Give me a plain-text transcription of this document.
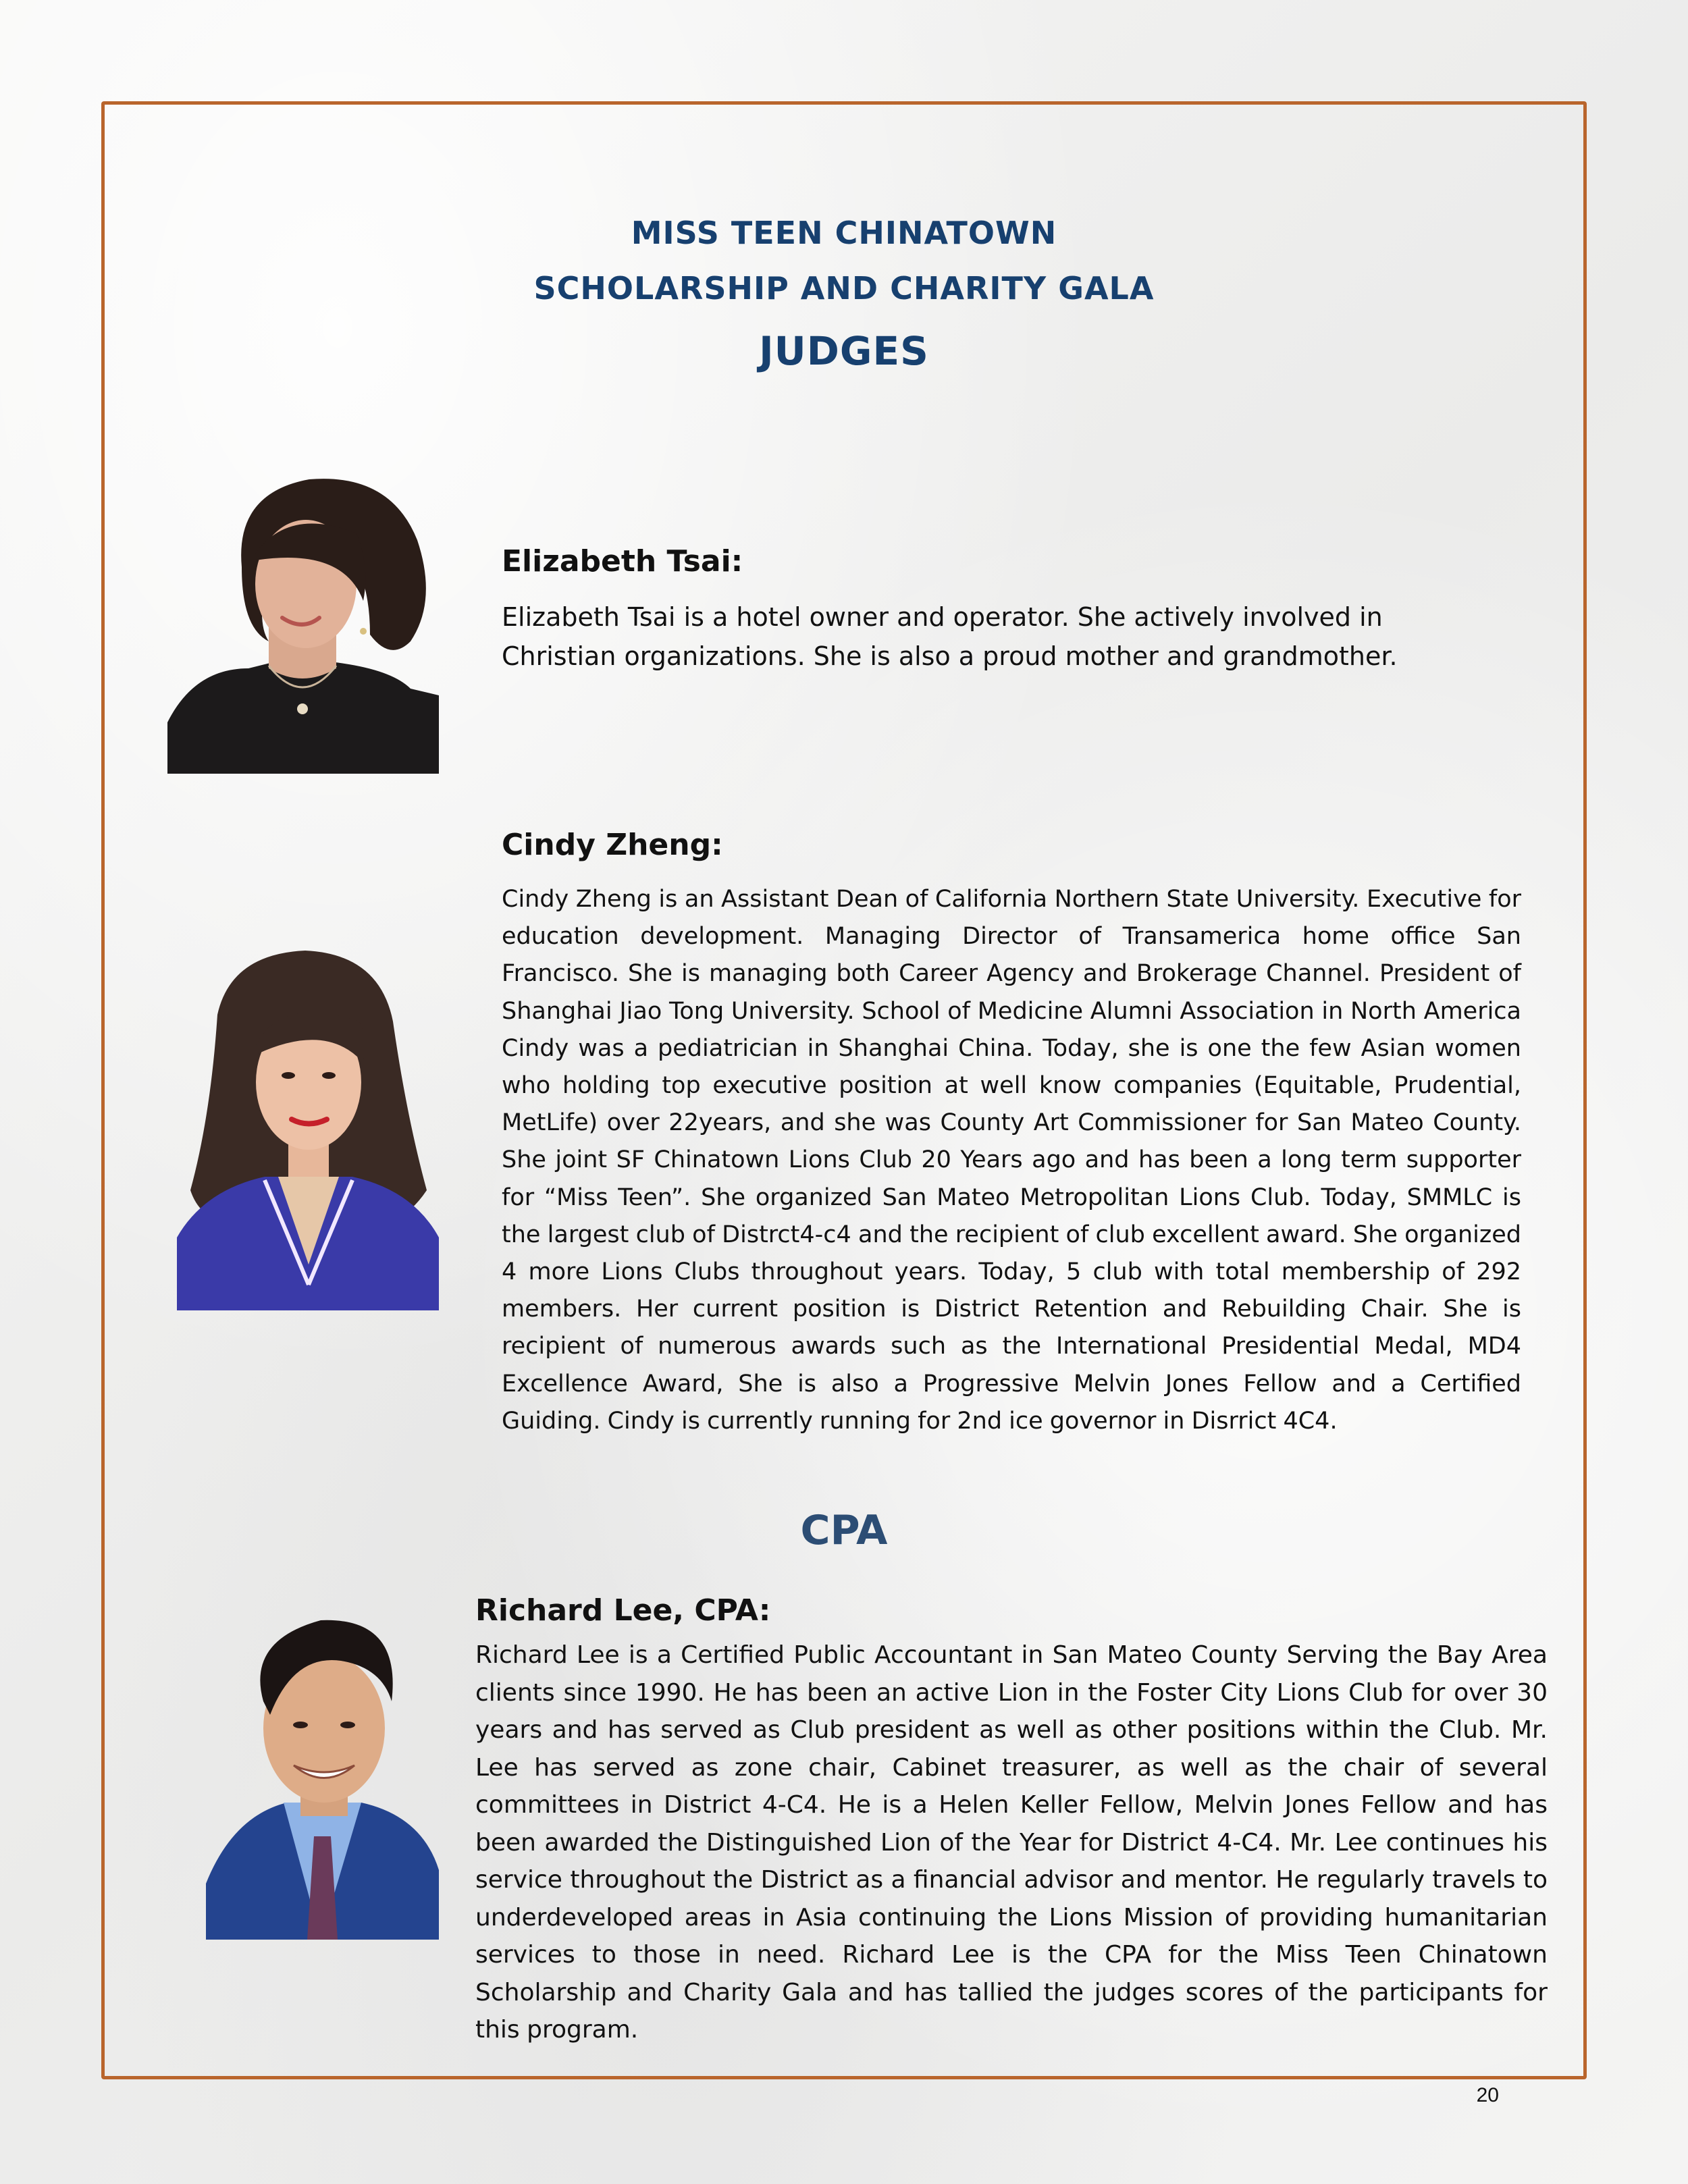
MISS TEEN CHINATOWN
SCHOLARSHIP AND CHARITY GALA
JUDGES
Elizabeth Tsai:
Elizabeth Tsai is a hotel owner and operator. She actively involved in Christian organizations. She is also a proud mother and grandmother.
Cindy Zheng:
Cindy Zheng is an Assistant Dean of California Northern State University. Executive for education development. Managing Director of Transamerica home office San Francisco. She is managing both Career Agency and Brokerage Channel. President of Shanghai Jiao Tong University. School of Medicine Alumni Association in North America Cindy was a pediatrician in Shanghai China. Today, she is one the few Asian women who holding top executive position at well know companies (Equitable, Prudential, MetLife) over 22years, and she was County Art Commissioner for San Mateo County. She joint SF Chinatown Lions Club 20 Years ago and has been a long term supporter for “Miss Teen”. She organized San Mateo Metropolitan Lions Club. Today, SMMLC is the largest club of Distrct4-c4 and the recipient of club excellent award. She organized 4 more Lions Clubs throughout years. Today, 5 club with total membership of 292 members. Her current position is District Retention and Rebuilding Chair. She is recipient of numerous awards such as the International Presidential Medal, MD4 Excellence Award, She is also a Progressive Melvin Jones Fellow and a Certified Guiding. Cindy is currently running for 2nd ice governor in Disrrict 4C4.
CPA
Richard Lee, CPA:
Richard Lee is a Certified Public Accountant in San Mateo County Serving the Bay Area clients since 1990. He has been an active Lion in the Foster City Lions Club for over 30 years and has served as Club president as well as other positions within the Club. Mr. Lee has served as zone chair, Cabinet treasurer, as well as the chair of several committees in District 4-C4. He is a Helen Keller Fellow, Melvin Jones Fellow and has been awarded the Distinguished Lion of the Year for District 4-C4. Mr. Lee continues his service throughout the District as a financial advisor and mentor. He regularly travels to underdeveloped areas in Asia continuing the Lions Mission of providing humanitarian services to those in need. Richard Lee is the CPA for the Miss Teen Chinatown Scholarship and Charity Gala and has tallied the judges scores of the participants for this program.
20
